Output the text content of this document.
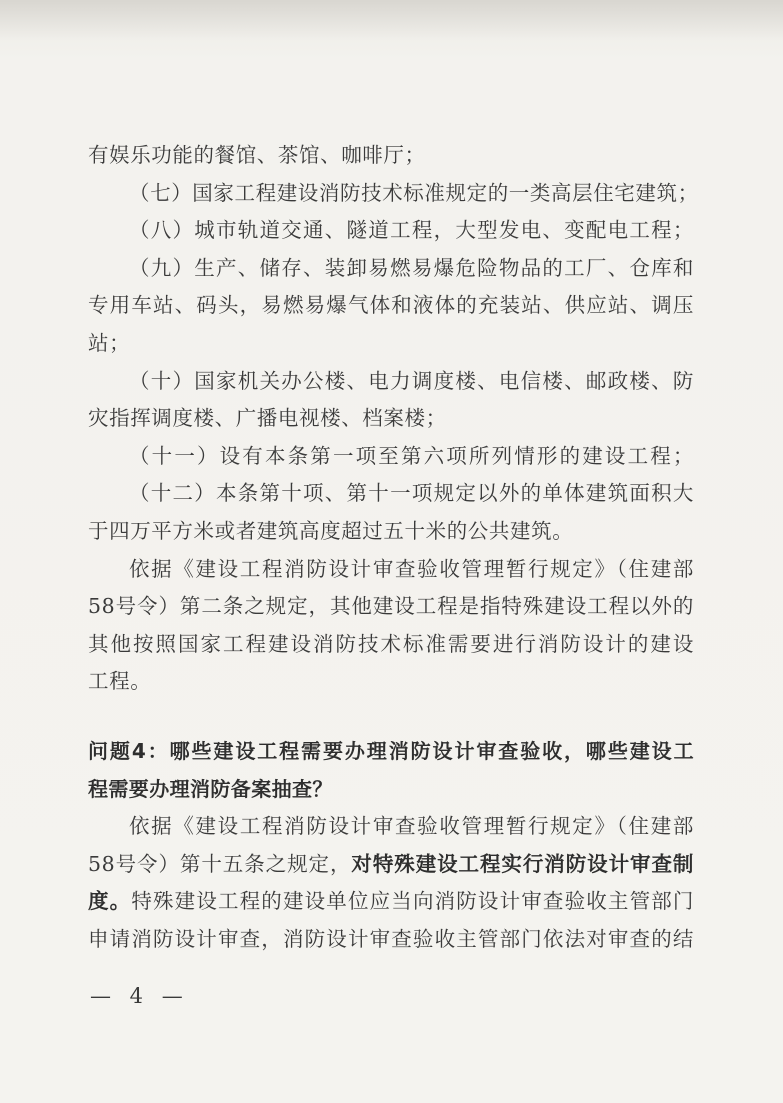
有娱乐功能的餐馆、茶馆、咖啡厅；
（七）国家工程建设消防技术标准规定的一类高层住宅建筑；
（八）城市轨道交通、隧道工程，大型发电、变配电工程；
（九）生产、储存、装卸易燃易爆危险物品的工厂、仓库和
专用车站、码头，易燃易爆气体和液体的充装站、供应站、调压
站；
（十）国家机关办公楼、电力调度楼、电信楼、邮政楼、防
灾指挥调度楼、广播电视楼、档案楼；
（十一）设有本条第一项至第六项所列情形的建设工程；
（十二）本条第十项、第十一项规定以外的单体建筑面积大
于四万平方米或者建筑高度超过五十米的公共建筑。
依据《建设工程消防设计审查验收管理暂行规定》（住建部
58号令）第二条之规定，其他建设工程是指特殊建设工程以外的
其他按照国家工程建设消防技术标准需要进行消防设计的建设
工程。
问题4：哪些建设工程需要办理消防设计审查验收，哪些建设工
程需要办理消防备案抽查？
依据《建设工程消防设计审查验收管理暂行规定》（住建部
58号令）第十五条之规定，对特殊建设工程实行消防设计审查制
度。特殊建设工程的建设单位应当向消防设计审查验收主管部门
申请消防设计审查，消防设计审查验收主管部门依法对审查的结
— 4 —
